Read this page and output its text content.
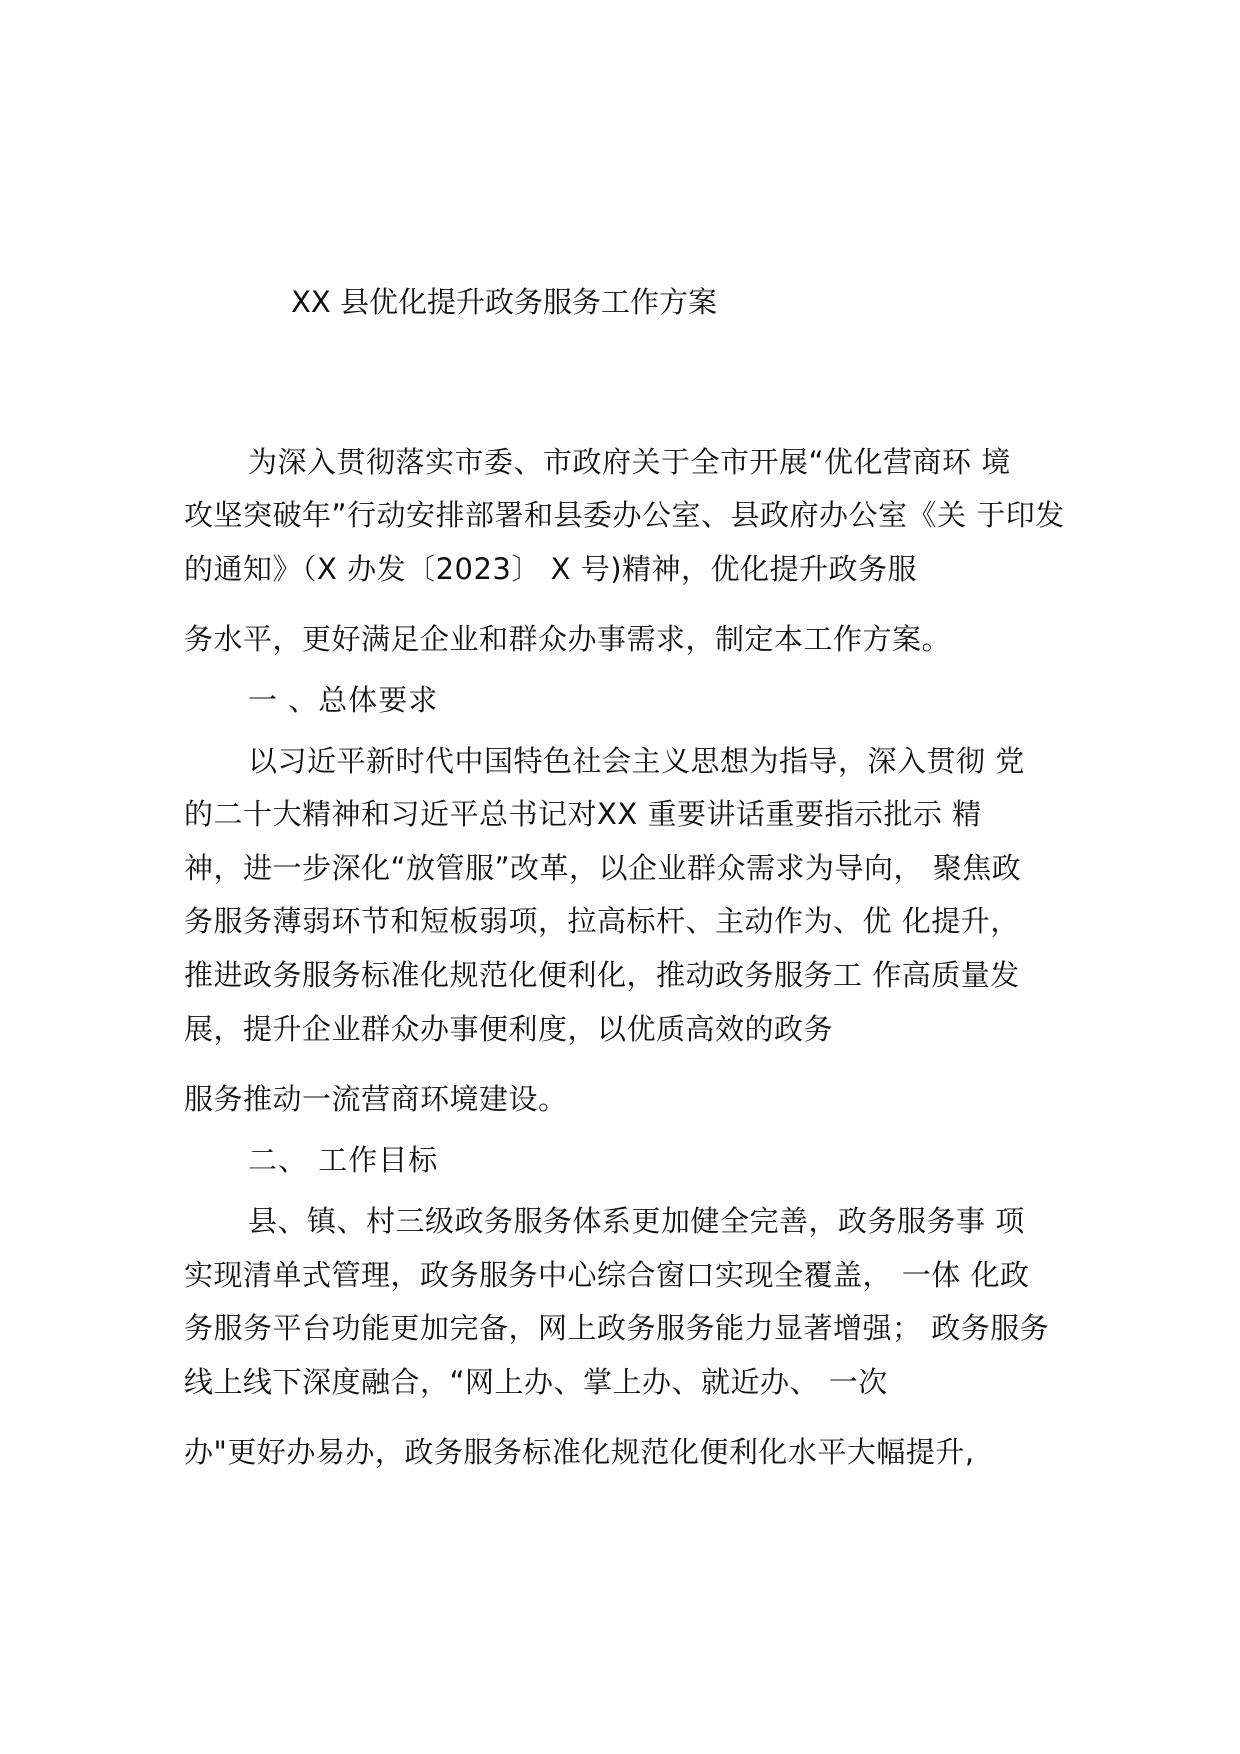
XX 县优化提升政务服务工作方案
为深入贯彻落实市委、市政府关于全市开展“优化营商环 境
攻坚突破年”行动安排部署和县委办公室、县政府办公室《关 于印发
的通知》（X 办发〔2023〕 X 号)精神，优化提升政务服
务水平，更好满足企业和群众办事需求，制定本工作方案。
一 、总体要求
以习近平新时代中国特色社会主义思想为指导，深入贯彻 党
的二十大精神和习近平总书记对XX 重要讲话重要指示批示 精
神，进一步深化“放管服”改革，以企业群众需求为导向， 聚焦政
务服务薄弱环节和短板弱项，拉高标杆、主动作为、优 化提升，
推进政务服务标准化规范化便利化，推动政务服务工 作高质量发
展，提升企业群众办事便利度，以优质高效的政务
服务推动一流营商环境建设。
二、 工作目标
县、镇、村三级政务服务体系更加健全完善，政务服务事 项
实现清单式管理，政务服务中心综合窗口实现全覆盖， 一体 化政
务服务平台功能更加完备，网上政务服务能力显著增强； 政务服务
线上线下深度融合，“网上办、掌上办、就近办、 一次
办"更好办易办，政务服务标准化规范化便利化水平大幅提升,
